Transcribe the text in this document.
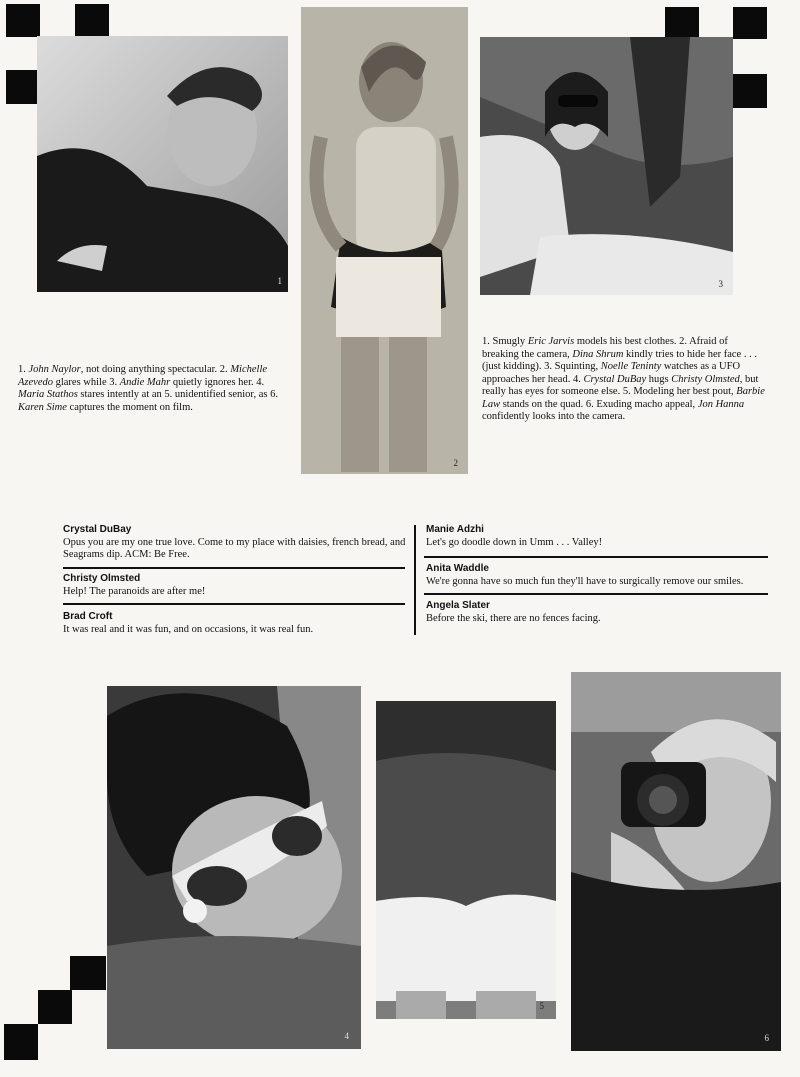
1
2
3
1. John Naylor, not doing anything spectacular. 2. Michelle Azevedo glares while 3. Andie Mahr quietly ignores her. 4. Maria Stathos stares intently at an 5. unidentified senior, as 6. Karen Sime captures the moment on film.
1. Smugly Eric Jarvis models his best clothes. 2. Afraid of breaking the camera, Dina Shrum kindly tries to hide her face . . . (just kidding). 3. Squinting, Noelle Teninty watches as a UFO approaches her head. 4. Crystal DuBay hugs Christy Olmsted, but really has eyes for someone else. 5. Modeling her best pout, Barbie Law stands on the quad. 6. Exuding macho appeal, Jon Hanna confidently looks into the camera.
Crystal DuBay
Opus you are my one true love. Come to my place with daisies, french bread, and Seagrams dip. ACM: Be Free.
Christy Olmsted
Help! The paranoids are after me!
Brad Croft
It was real and it was fun, and on occasions, it was real fun.
Manie Adzhi
Let's go doodle down in Umm . . . Valley!
Anita Waddle
We're gonna have so much fun they'll have to surgically remove our smiles.
Angela Slater
Before the ski, there are no fences facing.
4
5
6
